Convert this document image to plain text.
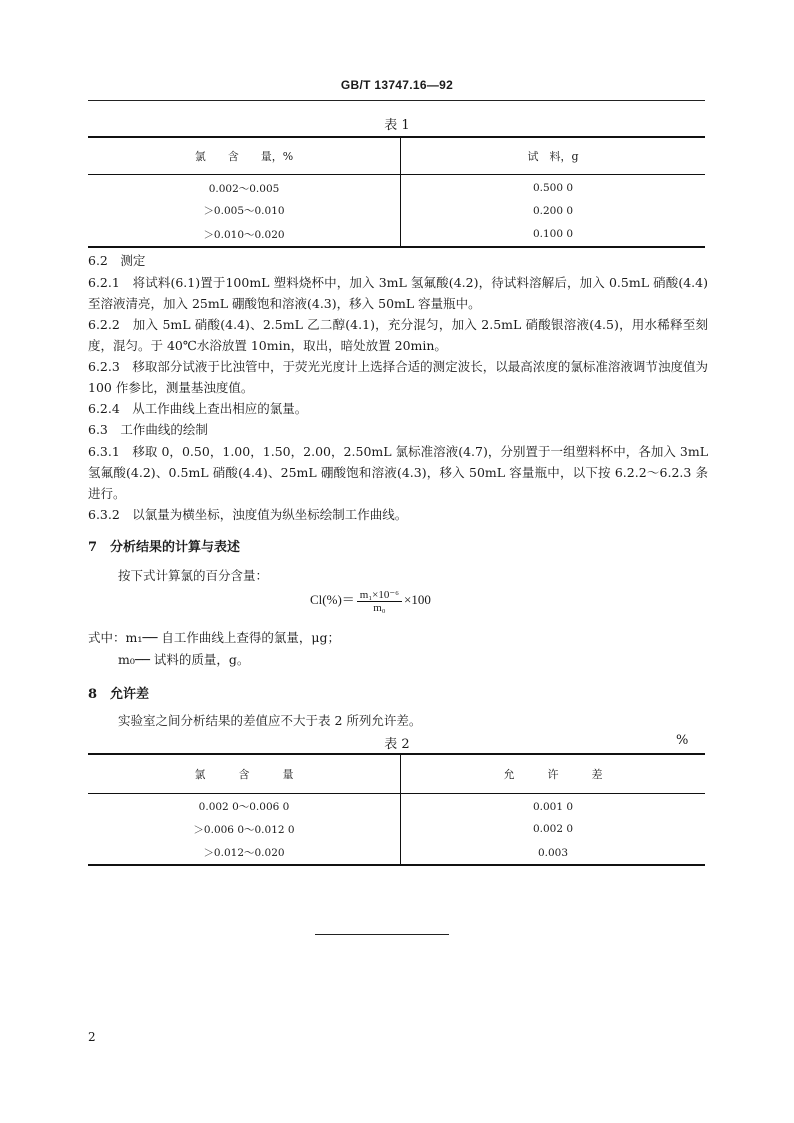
GB/T 13747.16—92
表 1
氯　　含　　量，%	试　料，g
0.002～0.005	0.500 0
＞0.005～0.010	0.200 0
＞0.010～0.020	0.100 0
6.2　测定
6.2.1　将试料(6.1)置于100mL 塑料烧杯中，加入 3mL 氢氟酸(4.2)，待试料溶解后，加入 0.5mL 硝酸(4.4)至溶液清亮，加入 25mL 硼酸饱和溶液(4.3)，移入 50mL 容量瓶中。
6.2.2　加入 5mL 硝酸(4.4)、2.5mL 乙二醇(4.1)，充分混匀，加入 2.5mL 硝酸银溶液(4.5)，用水稀释至刻度，混匀。于 40℃水浴放置 10min，取出，暗处放置 20min。
6.2.3　移取部分试液于比浊管中，于荧光光度计上选择合适的测定波长，以最高浓度的氯标准溶液调节浊度值为 100 作参比，测量基浊度值。
6.2.4　从工作曲线上查出相应的氯量。
6.3　工作曲线的绘制
6.3.1　移取 0，0.50，1.00，1.50，2.00，2.50mL 氯标准溶液(4.7)，分别置于一组塑料杯中，各加入 3mL 氢氟酸(4.2)、0.5mL 硝酸(4.4)、25mL 硼酸饱和溶液(4.3)，移入 50mL 容量瓶中，以下按 6.2.2～6.2.3 条进行。
6.3.2　以氯量为横坐标，浊度值为纵坐标绘制工作曲线。
7　分析结果的计算与表述
按下式计算氯的百分含量：
$Cl(\%)= \frac{\text{m₁×10⁻⁶}}{\text{m₀}} \times 100$
式中：m₁── 自工作曲线上查得的氯量，μg；
m₀── 试料的质量，g。
8　允许差
实验室之间分析结果的差值应不大于表 2 所列允许差。
表 2	%
氯　　　含　　　量	允　　　许　　　差
0.002 0～0.006 0	0.001 0
＞0.006 0～0.012 0	0.002 0
＞0.012～0.020	0.003
2
